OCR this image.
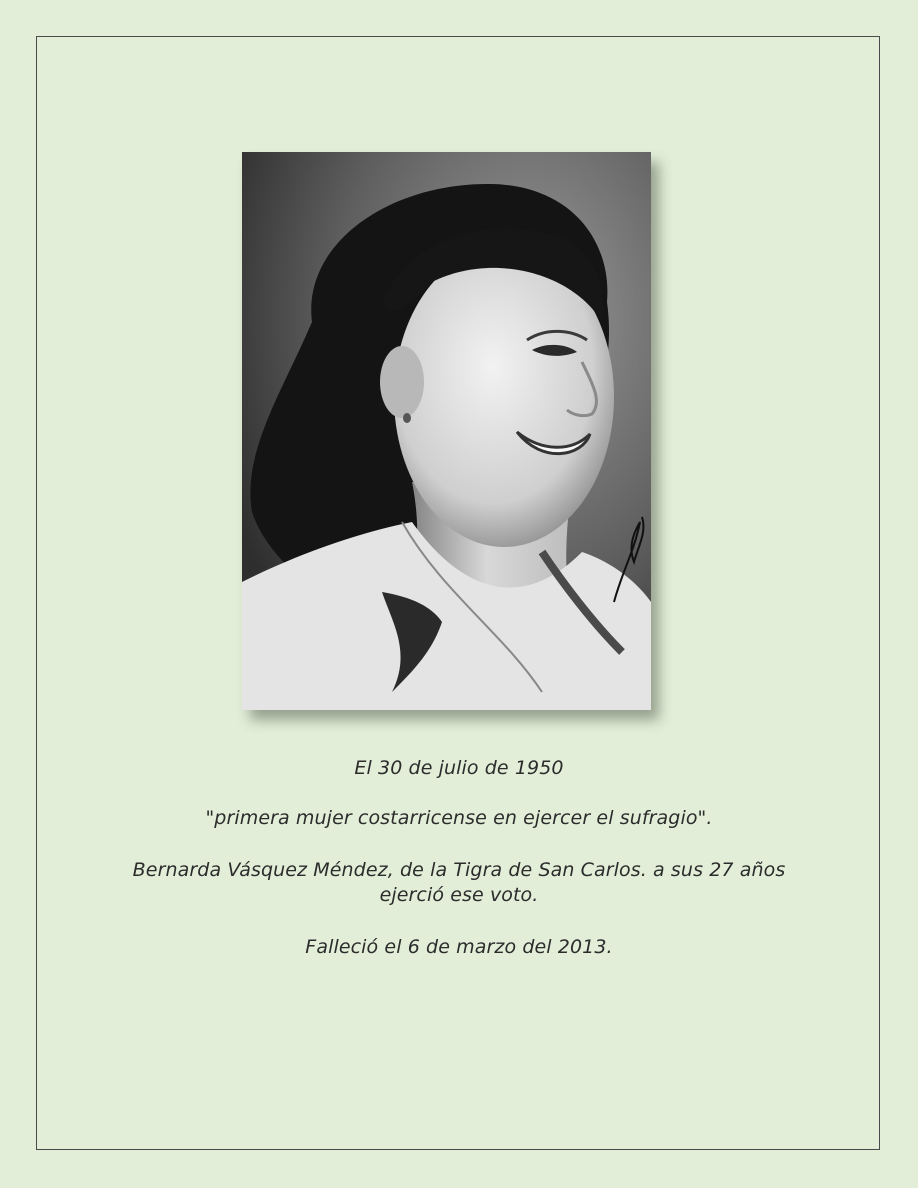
El 30 de julio de 1950
"primera mujer costarricense en ejercer el sufragio".
Bernarda Vásquez Méndez, de la Tigra de San Carlos. a sus 27 años ejerció ese voto.
Falleció el 6 de marzo del 2013.
